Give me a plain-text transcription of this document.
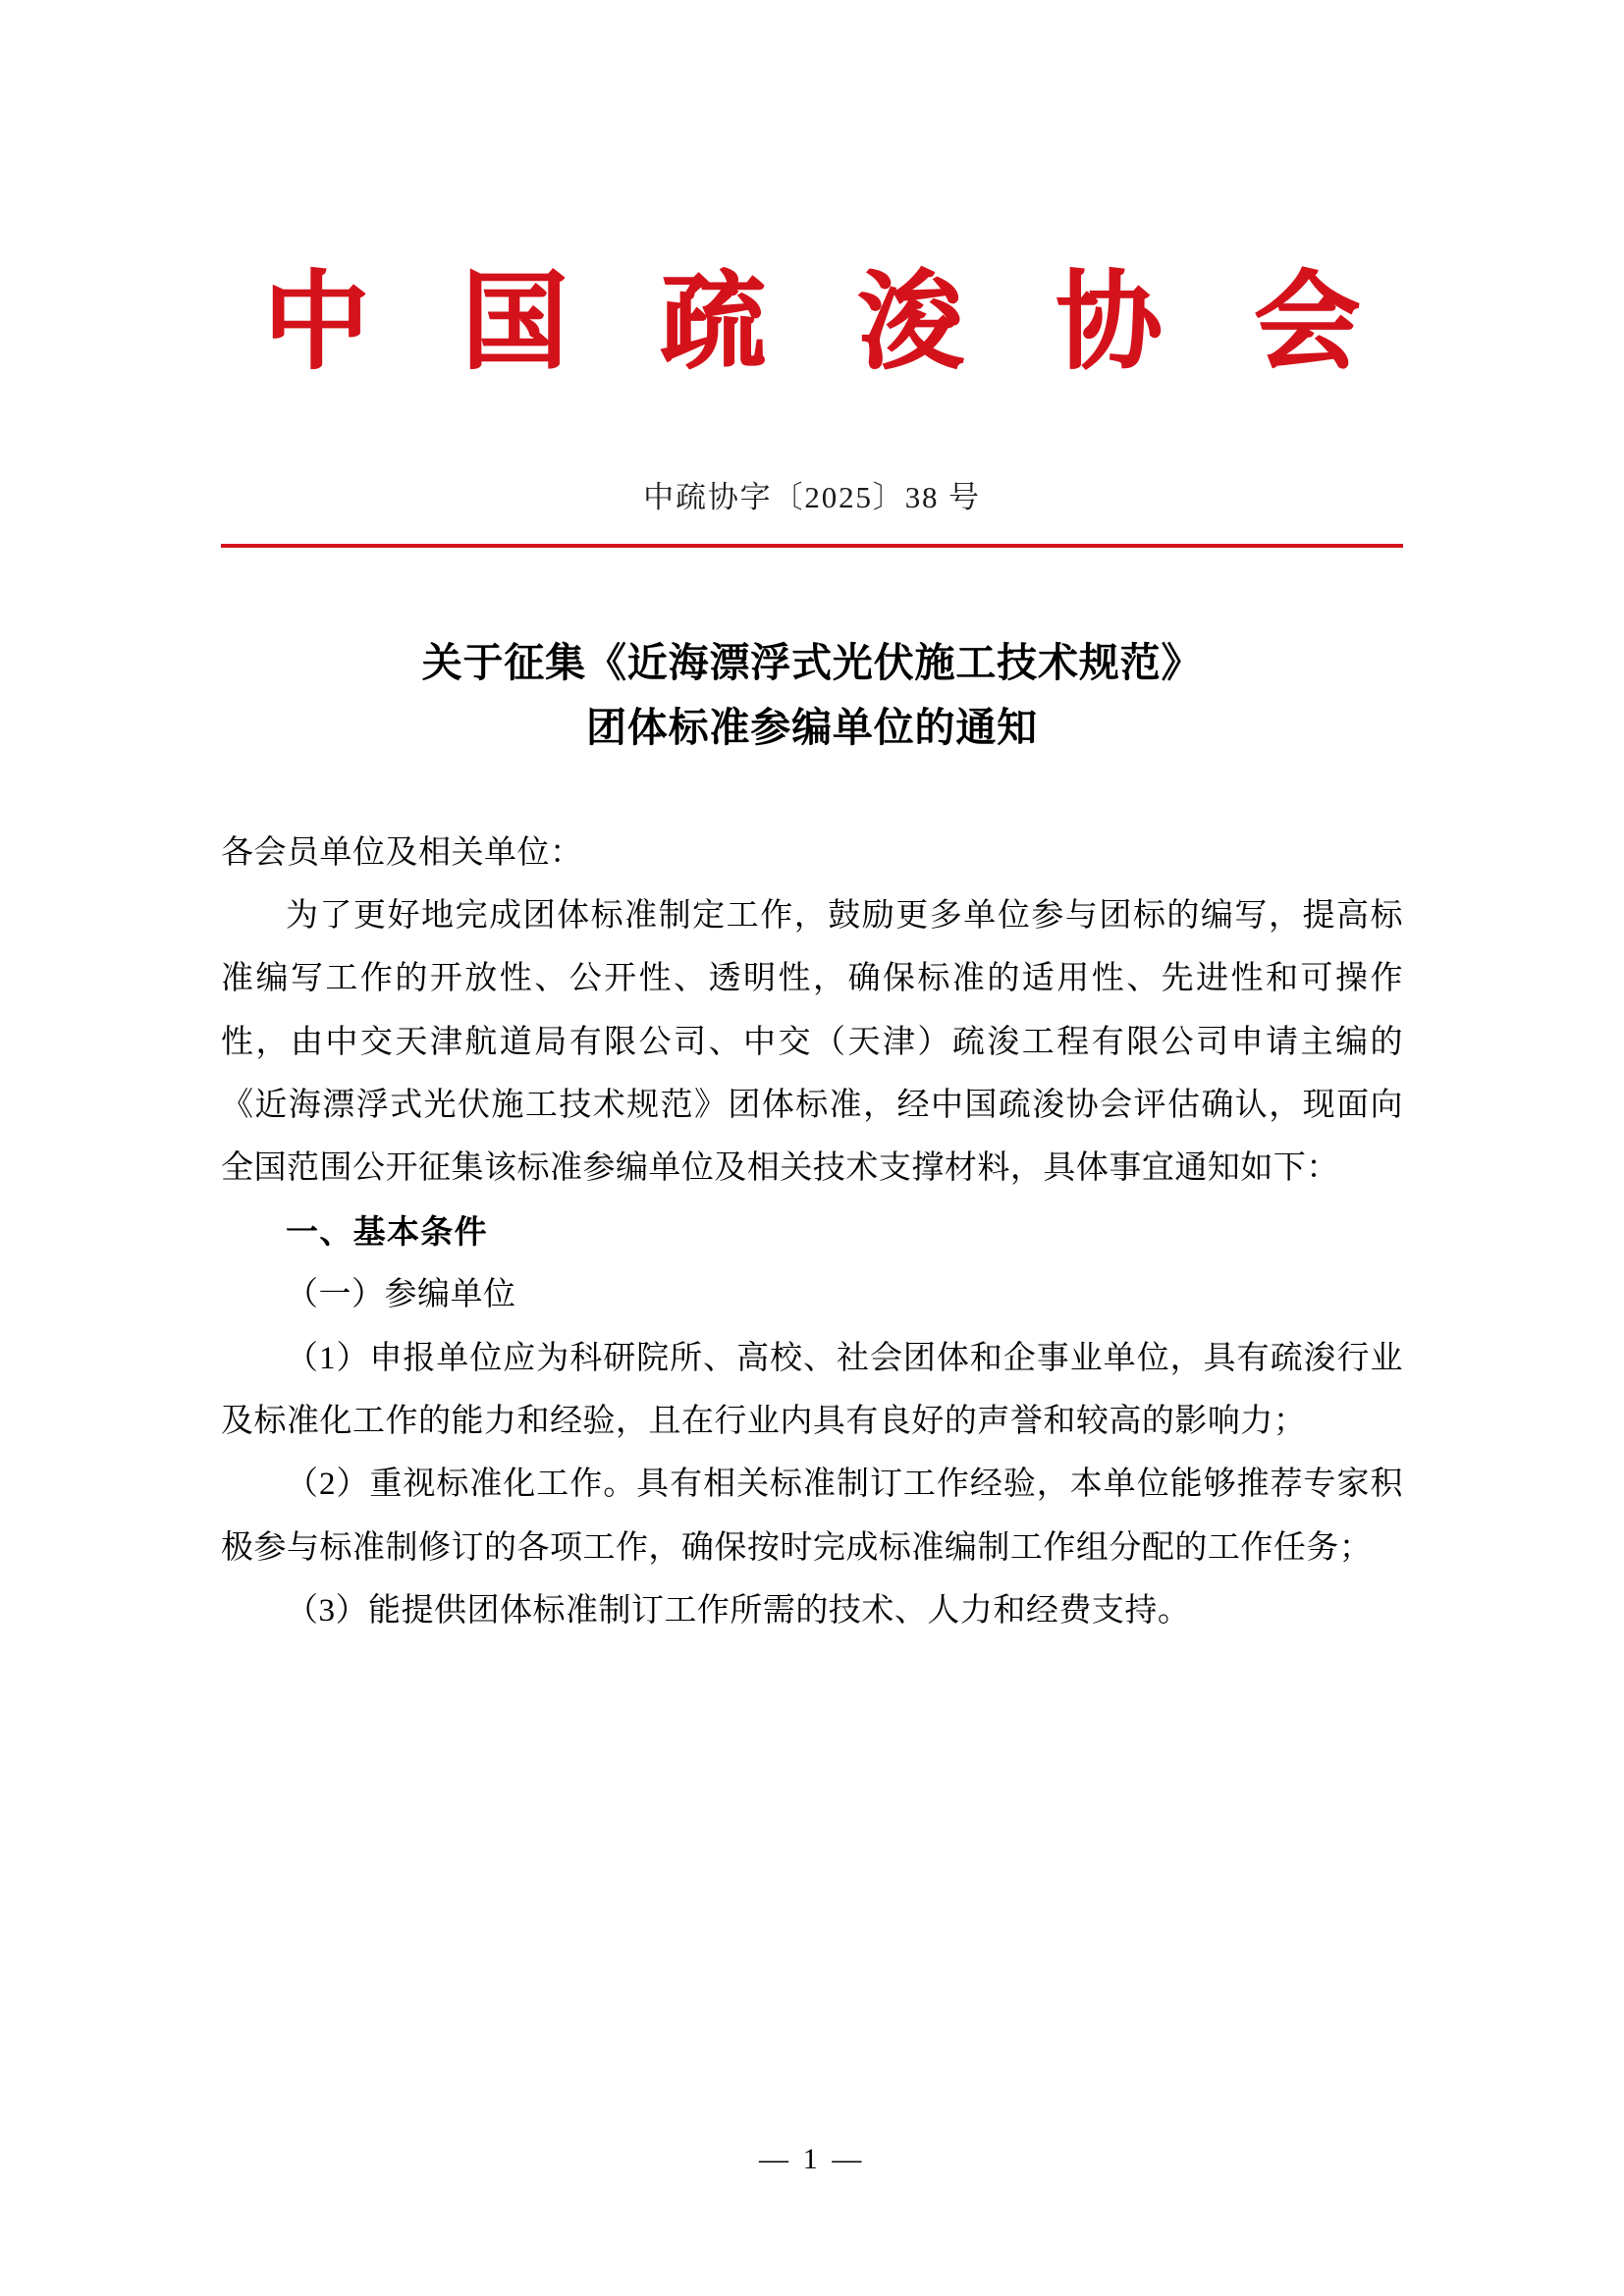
中 国 疏 浚 协 会
中疏协字〔2025〕38 号
关于征集《近海漂浮式光伏施工技术规范》
团体标准参编单位的通知

各会员单位及相关单位：

为了更好地完成团体标准制定工作，鼓励更多单位参与团标的编写，提高标准编写工作的开放性、公开性、透明性，确保标准的适用性、先进性和可操作性，由中交天津航道局有限公司、中交（天津）疏浚工程有限公司申请主编的《近海漂浮式光伏施工技术规范》团体标准，经中国疏浚协会评估确认，现面向全国范围公开征集该标准参编单位及相关技术支撑材料，具体事宜通知如下：

一、基本条件

（一）参编单位

（1）申报单位应为科研院所、高校、社会团体和企事业单位，具有疏浚行业及标准化工作的能力和经验，且在行业内具有良好的声誉和较高的影响力；

（2）重视标准化工作。具有相关标准制订工作经验，本单位能够推荐专家积极参与标准制修订的各项工作，确保按时完成标准编制工作组分配的工作任务；

（3）能提供团体标准制订工作所需的技术、人力和经费支持。

— 1 —
